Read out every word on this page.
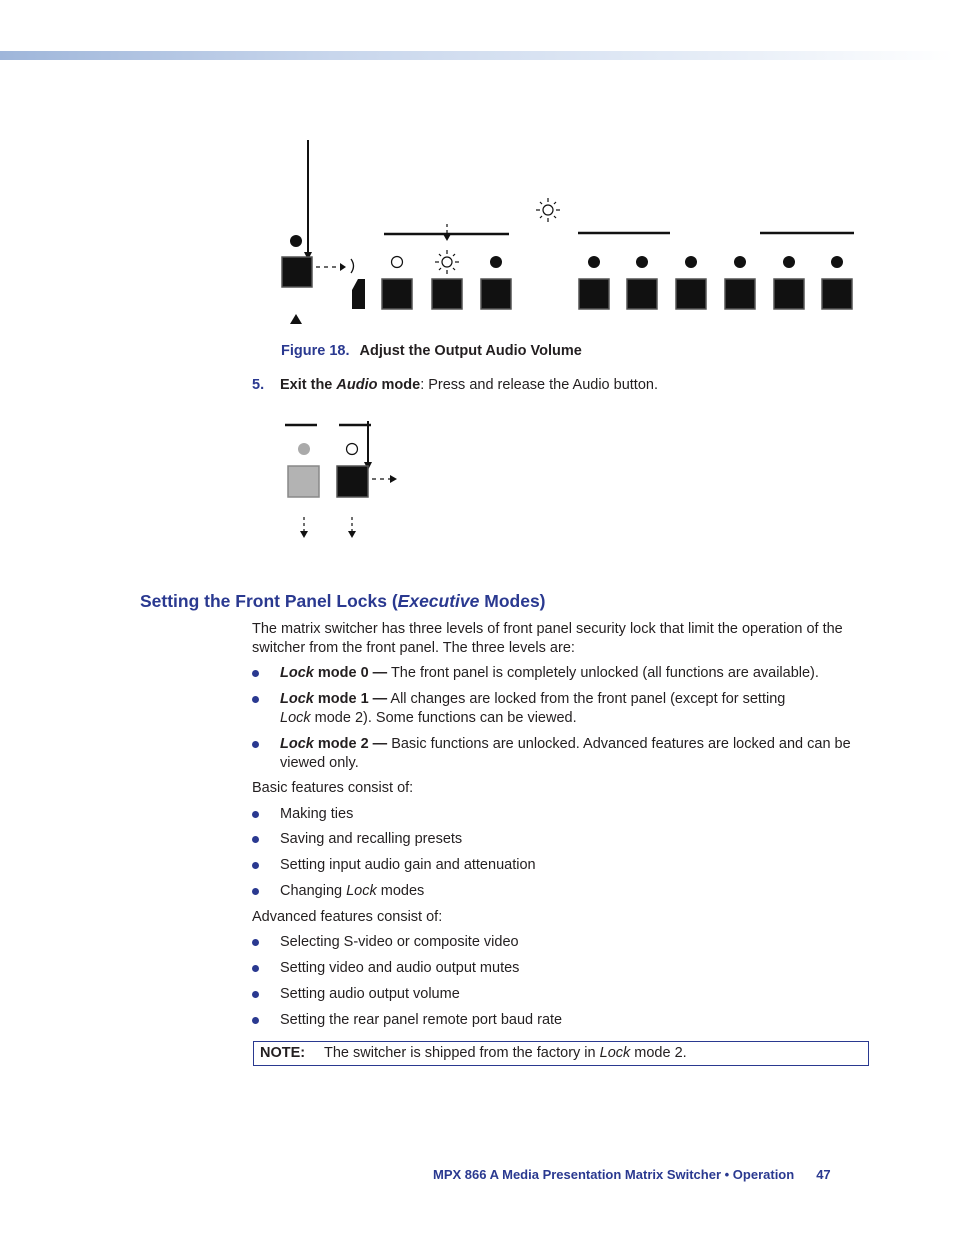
Figure 18. Adjust the Output Audio Volume
5. Exit the Audio mode: Press and release the Audio button.
Setting the Front Panel Locks (Executive Modes)
The matrix switcher has three levels of front panel security lock that limit the operation of the switcher from the front panel. The three levels are:
Lock mode 0 — The front panel is completely unlocked (all functions are available).
Lock mode 1 — All changes are locked from the front panel (except for setting
Lock mode 2). Some functions can be viewed.
Lock mode 2 — Basic functions are unlocked. Advanced features are locked and can be viewed only.
Basic features consist of:
Making ties
Saving and recalling presets
Setting input audio gain and attenuation
Changing Lock modes
Advanced features consist of:
Selecting S-video or composite video
Setting video and audio output mutes
Setting audio output volume
Setting the rear panel remote port baud rate
NOTE: The switcher is shipped from the factory in Lock mode 2.
MPX 866 A Media Presentation Matrix Switcher • Operation 47
